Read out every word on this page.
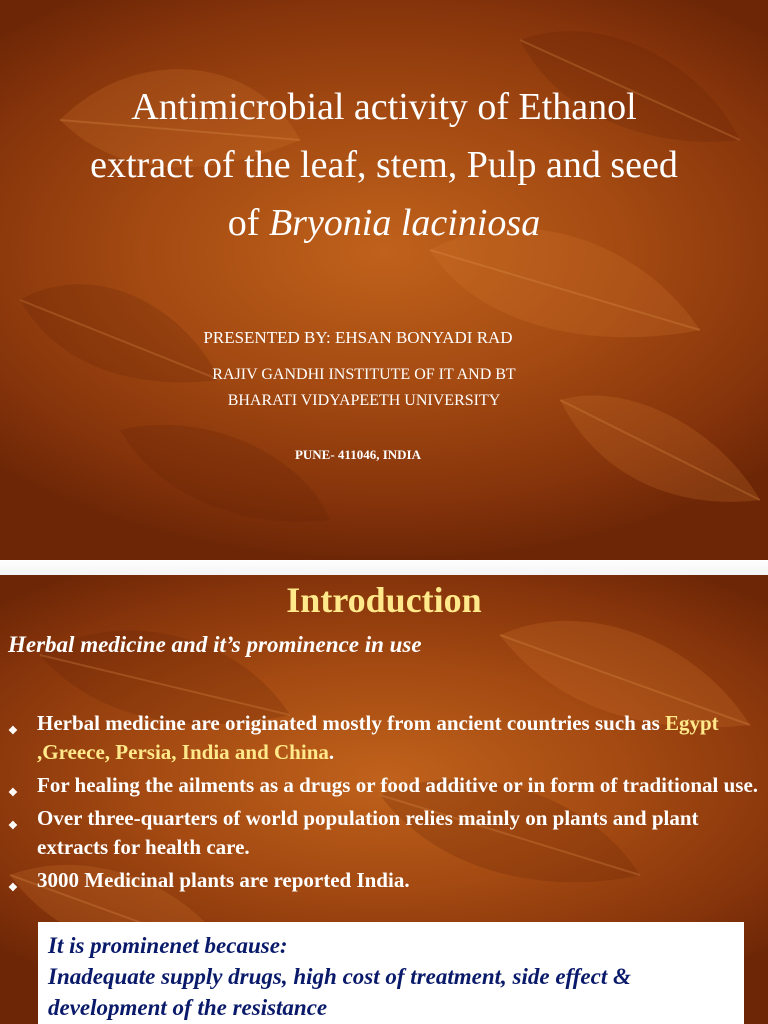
Antimicrobial activity of Ethanol
extract of the leaf, stem, Pulp and seed
of Bryonia laciniosa
PRESENTED BY: EHSAN BONYADI RAD
RAJIV GANDHI INSTITUTE OF IT AND BT
BHARATI VIDYAPEETH UNIVERSITY
PUNE- 411046, INDIA
Introduction
Herbal medicine and it’s prominence in use
❖ Herbal medicine are originated mostly from ancient countries such as Egypt ,Greece, Persia, India and China.
❖ For healing the ailments as a drugs or food additive or in form of traditional use.
❖ Over three-quarters of world population relies mainly on plants and plant extracts for health care.
❖ 3000 Medicinal plants are reported India.
It is prominenet because:
Inadequate supply drugs, high cost of treatment, side effect & development of the resistance
